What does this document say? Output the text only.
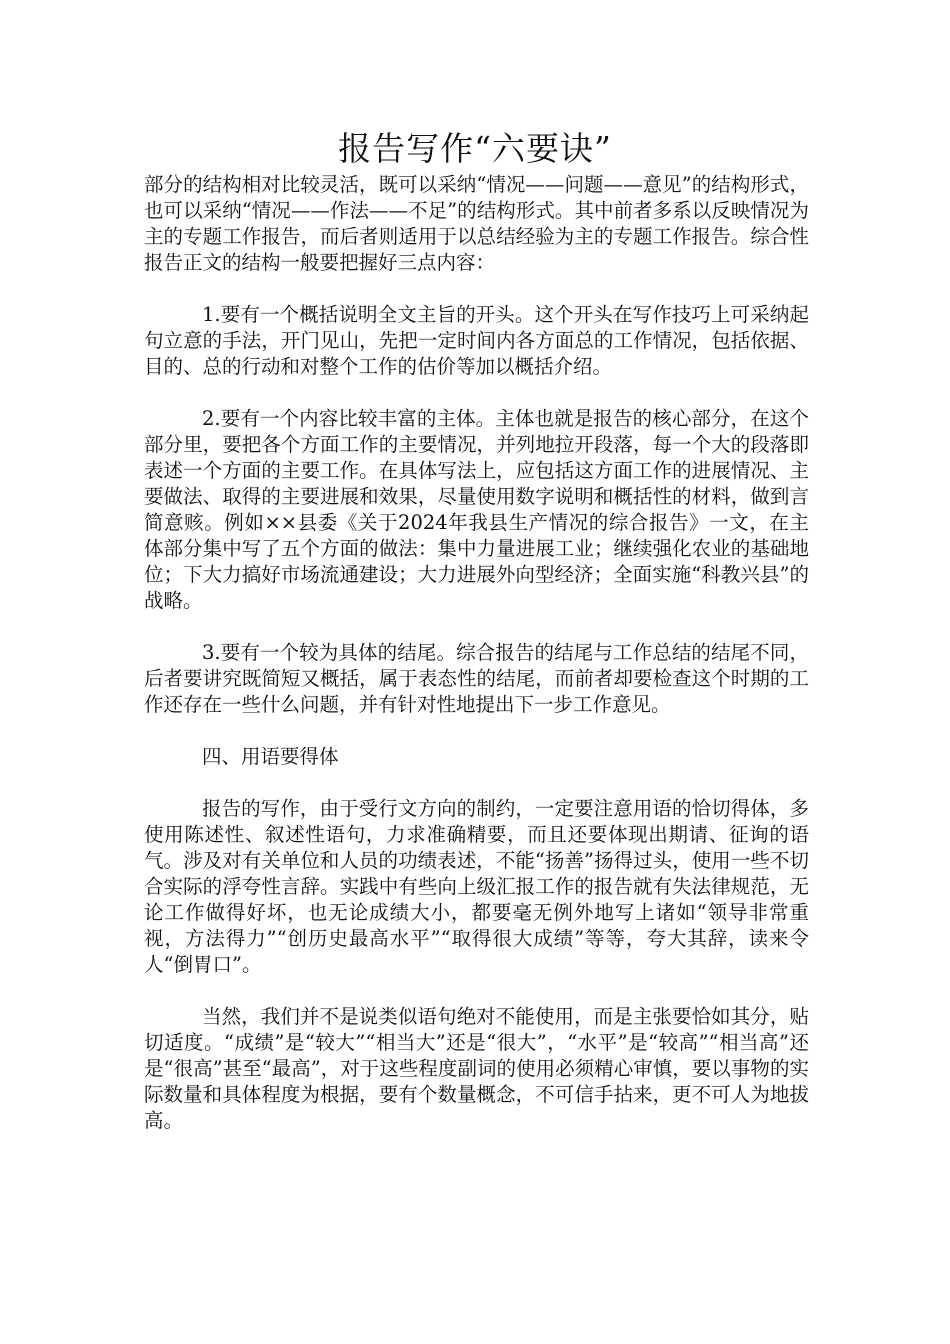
报告写作“六要诀”

部分的结构相对比较灵活，既可以采纳“情况——问题——意见”的结构形式，也可以采纳“情况——作法——不足”的结构形式。其中前者多系以反映情况为主的专题工作报告，而后者则适用于以总结经验为主的专题工作报告。综合性报告正文的结构一般要把握好三点内容：

1.要有一个概括说明全文主旨的开头。这个开头在写作技巧上可采纳起句立意的手法，开门见山，先把一定时间内各方面总的工作情况，包括依据、目的、总的行动和对整个工作的估价等加以概括介绍。

2.要有一个内容比较丰富的主体。主体也就是报告的核心部分，在这个部分里，要把各个方面工作的主要情况，并列地拉开段落，每一个大的段落即表述一个方面的主要工作。在具体写法上，应包括这方面工作的进展情况、主要做法、取得的主要进展和效果，尽量使用数字说明和概括性的材料，做到言简意赅。例如××县委《关于2024年我县生产情况的综合报告》一文，在主体部分集中写了五个方面的做法：集中力量进展工业；继续强化农业的基础地位；下大力搞好市场流通建设；大力进展外向型经济；全面实施“科教兴县”的战略。

3.要有一个较为具体的结尾。综合报告的结尾与工作总结的结尾不同，后者要讲究既简短又概括，属于表态性的结尾，而前者却要检查这个时期的工作还存在一些什么问题，并有针对性地提出下一步工作意见。

四、用语要得体

报告的写作，由于受行文方向的制约，一定要注意用语的恰切得体，多使用陈述性、叙述性语句，力求准确精要，而且还要体现出期请、征询的语气。涉及对有关单位和人员的功绩表述，不能“扬善”扬得过头，使用一些不切合实际的浮夸性言辞。实践中有些向上级汇报工作的报告就有失法律规范，无论工作做得好坏，也无论成绩大小，都要毫无例外地写上诸如“领导非常重视，方法得力”“创历史最高水平”“取得很大成绩”等等，夸大其辞，读来令人“倒胃口”。

当然，我们并不是说类似语句绝对不能使用，而是主张要恰如其分，贴切适度。“成绩”是“较大”“相当大”还是“很大”，“水平”是“较高”“相当高”还是“很高”甚至“最高”，对于这些程度副词的使用必须精心审慎，要以事物的实际数量和具体程度为根据，要有个数量概念，不可信手拈来，更不可人为地拔高。
